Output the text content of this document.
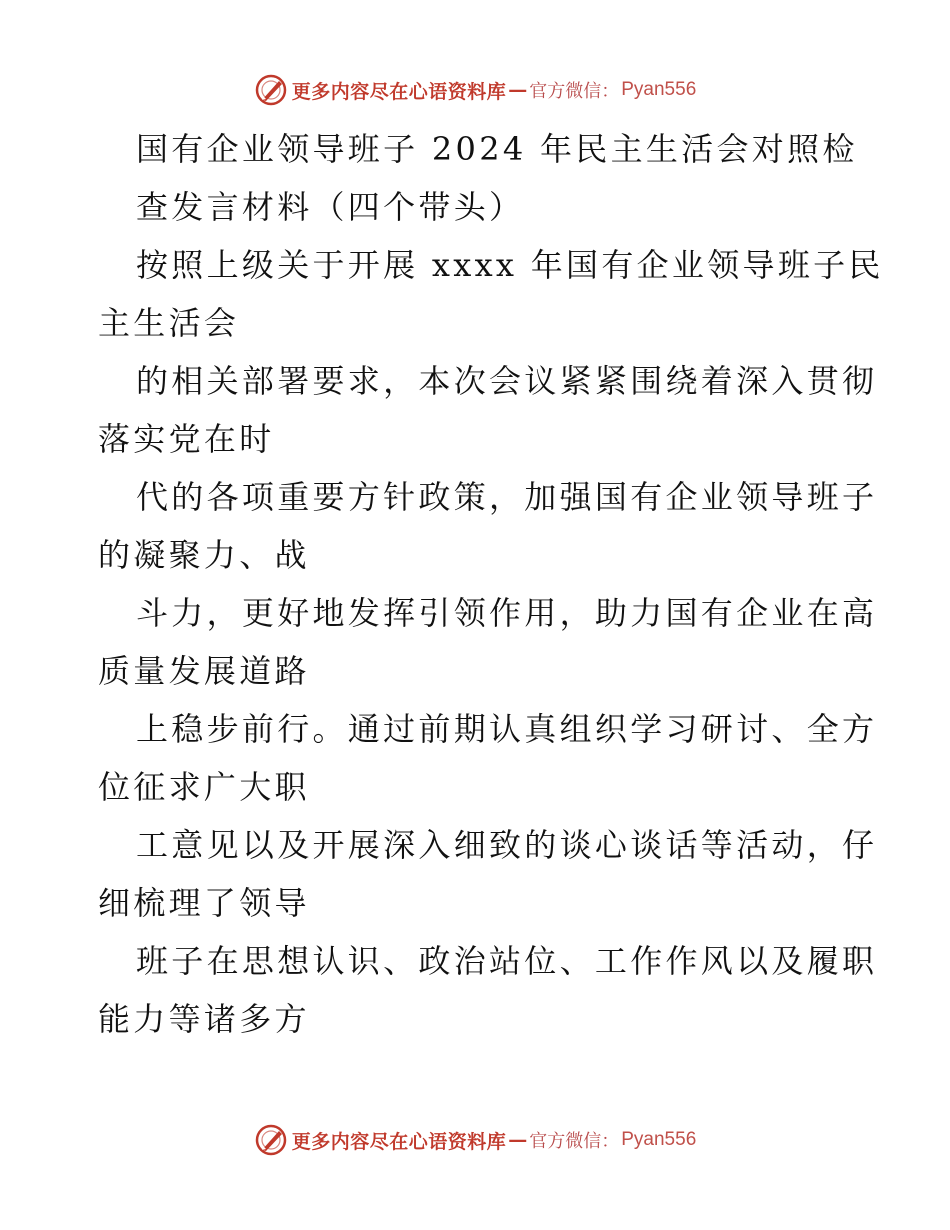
更多内容尽在心语资料库 — 官方微信： Pyan556
国有企业领导班子 2024 年民主生活会对照检
查发言材料（四个带头）
按照上级关于开展 xxxx 年国有企业领导班子民
主生活会
的相关部署要求，本次会议紧紧围绕着深入贯彻
落实党在时
代的各项重要方针政策，加强国有企业领导班子
的凝聚力、战
斗力，更好地发挥引领作用，助力国有企业在高
质量发展道路
上稳步前行。通过前期认真组织学习研讨、全方
位征求广大职
工意见以及开展深入细致的谈心谈话等活动，仔
细梳理了领导
班子在思想认识、政治站位、工作作风以及履职
能力等诸多方
更多内容尽在心语资料库 — 官方微信： Pyan556
